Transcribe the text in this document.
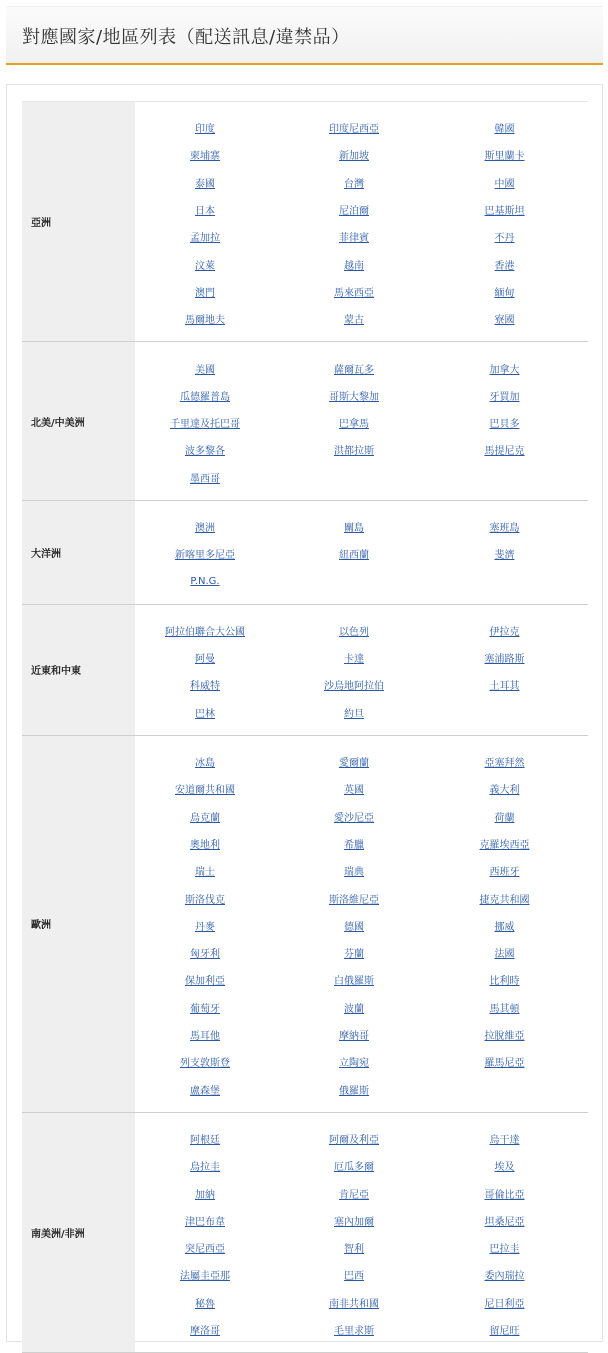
對應國家/地區列表（配送訊息/違禁品）
亞洲
印度	印度尼西亞	韓國
柬埔寨	新加坡	斯里蘭卡
泰國	台灣	中國
日本	尼泊爾	巴基斯坦
孟加拉	菲律賓	不丹
汶萊	越南	香港
澳門	馬來西亞	緬甸
馬爾地夫	蒙古	寮國
北美/中美洲
美國	薩爾瓦多	加拿大
瓜德羅普島	哥斯大黎加	牙買加
千里達及托巴哥	巴拿馬	巴貝多
波多黎各	洪都拉斯	馬提尼克
墨西哥
大洋洲
澳洲	關島	塞班島
新喀里多尼亞	紐西蘭	斐濟
P.N.G.
近東和中東
阿拉伯聯合大公國	以色列	伊拉克
阿曼	卡達	塞浦路斯
科威特	沙烏地阿拉伯	土耳其
巴林	約旦
歐洲
冰島	愛爾蘭	亞塞拜然
安道爾共和國	英國	義大利
烏克蘭	愛沙尼亞	荷蘭
奧地利	希臘	克羅埃西亞
瑞士	瑞典	西班牙
斯洛伐克	斯洛維尼亞	捷克共和國
丹麥	德國	挪威
匈牙利	芬蘭	法國
保加利亞	白俄羅斯	比利時
葡萄牙	波蘭	馬其頓
馬耳他	摩納哥	拉脫維亞
列支敦斯登	立陶宛	羅馬尼亞
盧森堡	俄羅斯
南美洲/非洲
阿根廷	阿爾及利亞	烏干達
烏拉圭	厄瓜多爾	埃及
加納	肯尼亞	哥倫比亞
津巴布韋	塞內加爾	坦桑尼亞
突尼西亞	智利	巴拉圭
法屬圭亞那	巴西	委內瑞拉
秘魯	南非共和國	尼日利亞
摩洛哥	毛里求斯	留尼旺
